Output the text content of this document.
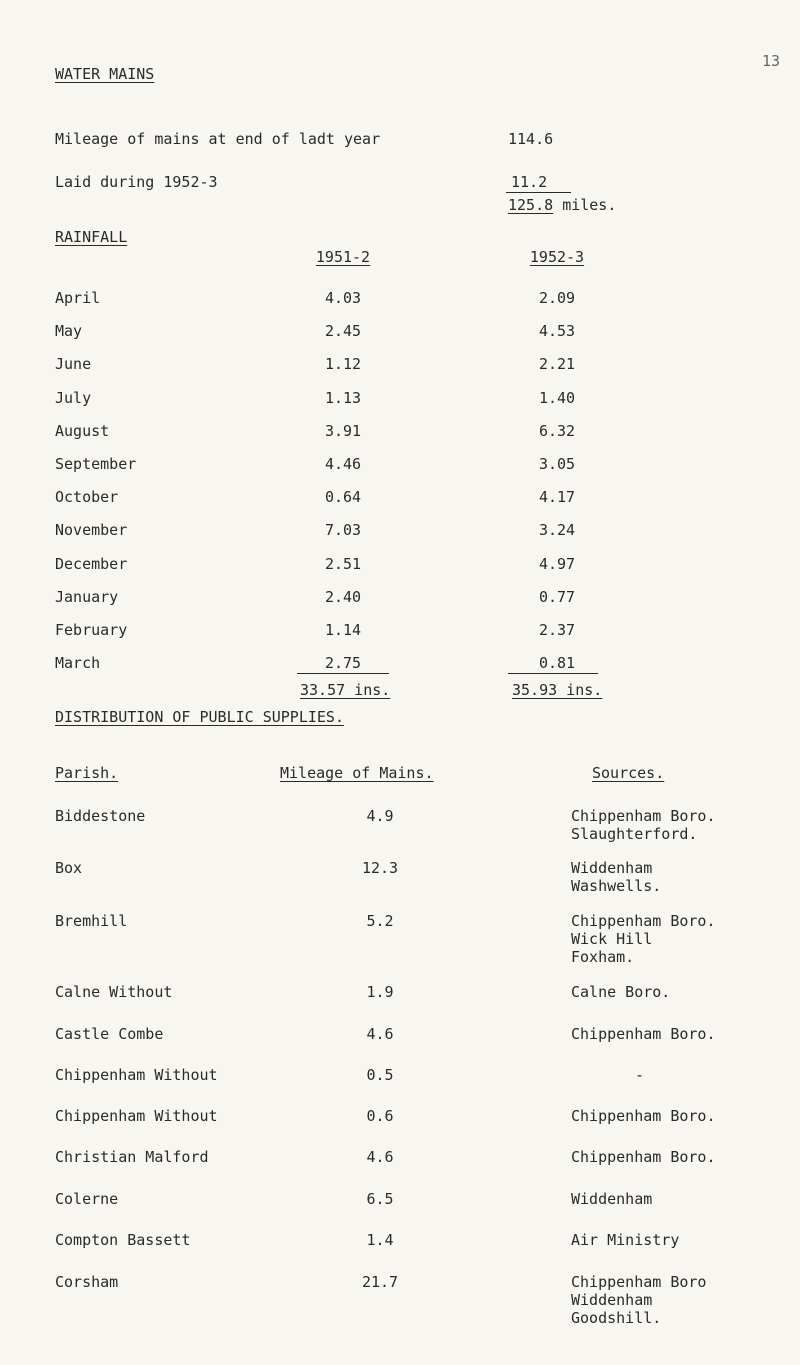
13
WATER MAINS
Mileage of mains at end of ladt year	114.6
Laid during 1952-3	11.2
125.8 miles.
RAINFALL
1951-2	1952-3
April	4.03	2.09
May	2.45	4.53
June	1.12	2.21
July	1.13	1.40
August	3.91	6.32
September	4.46	3.05
October	0.64	4.17
November	7.03	3.24
December	2.51	4.97
January	2.40	0.77
February	1.14	2.37
March	2.75	0.81
33.57 ins.	35.93 ins.
DISTRIBUTION OF PUBLIC SUPPLIES.
Parish.	Mileage of Mains.	Sources.
Biddestone	4.9	Chippenham Boro.
Slaughterford.
Box	12.3	Widdenham
Washwells.
Bremhill	5.2	Chippenham Boro.
Wick Hill
Foxham.
Calne Without	1.9	Calne Boro.
Castle Combe	4.6	Chippenham Boro.
Chippenham Without	0.5	-
Chippenham Without	0.6	Chippenham Boro.
Christian Malford	4.6	Chippenham Boro.
Colerne	6.5	Widdenham
Compton Bassett	1.4	Air Ministry
Corsham	21.7	Chippenham Boro
Widdenham
Goodshill.
